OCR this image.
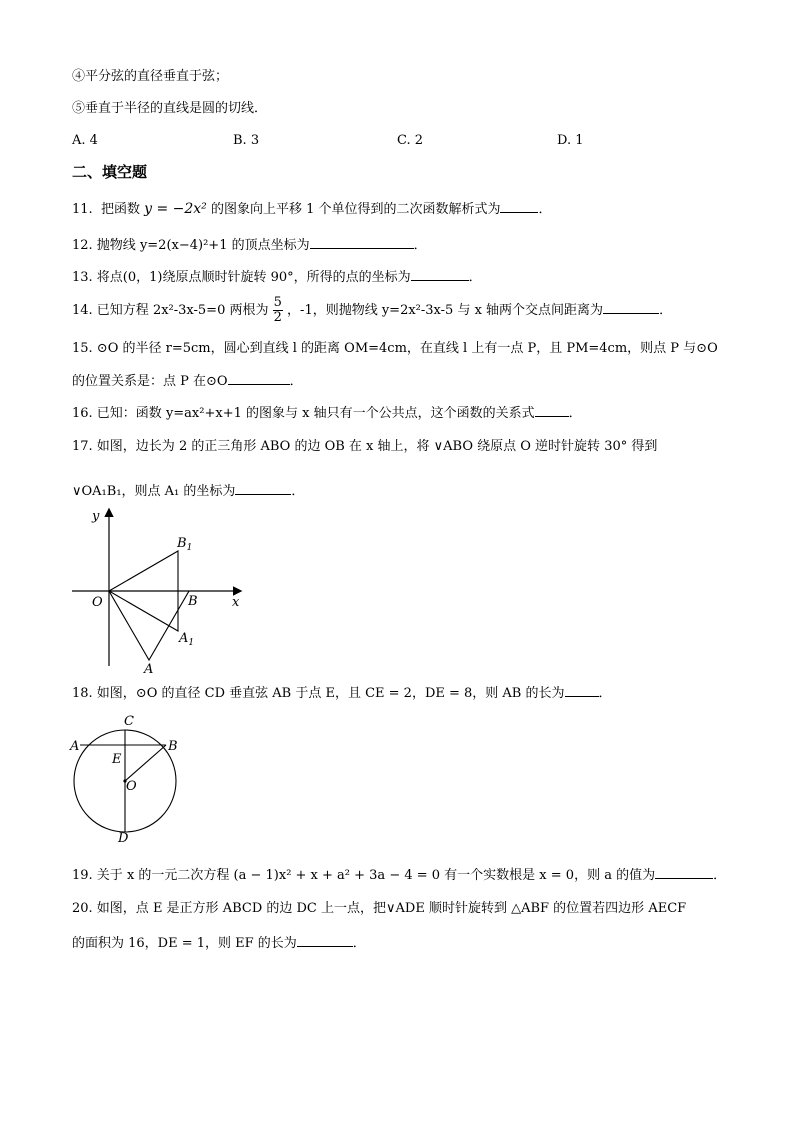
④平分弦的直径垂直于弦；
⑤垂直于半径的直线是圆的切线．
A. 4	B. 3	C. 2	D. 1
二、填空题
11. 把函数 y = −2x² 的图象向上平移 1 个单位得到的二次函数解析式为	．
12. 抛物线 y=2(x−4)²+1 的顶点坐标为	．
13. 将点(0，1)绕原点顺时针旋转 90°，所得的点的坐标为	．
14. 已知方程 2x²-3x-5=0 两根为 $\frac{5}{2}$ ，-1，则抛物线 y=2x²-3x-5 与 x 轴两个交点间距离为	．
15. ⊙O 的半径 r=5cm，圆心到直线 l 的距离 OM=4cm，在直线 l 上有一点 P，且 PM=4cm，则点 P 与⊙O
的位置关系是：点 P 在⊙O	．
16. 已知：函数 y=ax²+x+1 的图象与 x 轴只有一个公共点，这个函数的关系式	．
17. 如图，边长为 2 的正三角形 ABO 的边 OB 在 x 轴上，将 ∨ABO 绕原点 O 逆时针旋转 30° 得到
∨OA₁B₁，则点 A₁ 的坐标为	．
y
x
O	B
A
$B_1$
$A_1$
18. 如图，⊙O 的直径 CD 垂直弦 AB 于点 E，且 CE = 2，DE = 8，则 AB 的长为	．
A	B
C
E
O
D
19. 关于 x 的一元二次方程 (a − 1)x² + x + a² + 3a − 4 = 0 有一个实数根是 x = 0，则 a 的值为	．
20. 如图，点 E 是正方形 ABCD 的边 DC 上一点，把∨ADE 顺时针旋转到 △ABF 的位置若四边形 AECF
的面积为 16，DE = 1，则 EF 的长为	．
